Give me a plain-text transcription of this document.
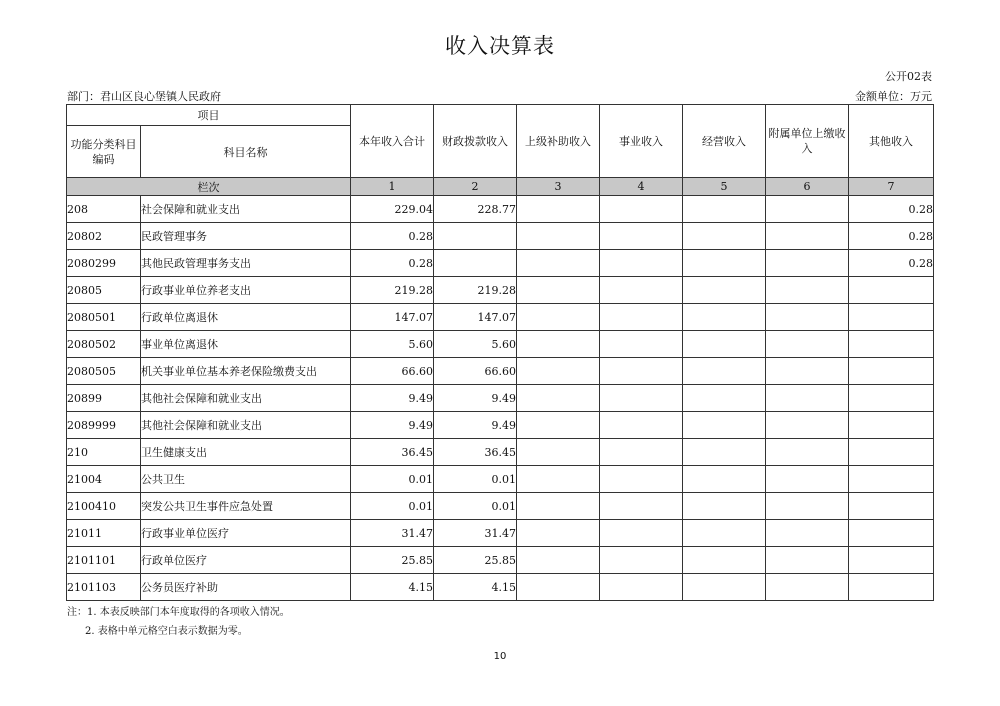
收入决算表
公开02表
部门：君山区良心堡镇人民政府	金额单位：万元
项目		本年收入合计	财政拨款收入	上级补助收入	事业收入	经营收入	附属单位上缴收入	其他收入
功能分类科目编码	科目名称							
栏次		1	2	3	4	5	6	7
208	社会保障和就业支出	229.04	228.77					0.28
20802	民政管理事务	0.28						0.28
2080299	其他民政管理事务支出	0.28						0.28
20805	行政事业单位养老支出	219.28	219.28					
2080501	行政单位离退休	147.07	147.07					
2080502	事业单位离退休	5.60	5.60					
2080505	机关事业单位基本养老保险缴费支出	66.60	66.60					
20899	其他社会保障和就业支出	9.49	9.49					
2089999	其他社会保障和就业支出	9.49	9.49					
210	卫生健康支出	36.45	36.45					
21004	公共卫生	0.01	0.01					
2100410	突发公共卫生事件应急处置	0.01	0.01					
21011	行政事业单位医疗	31.47	31.47					
2101101	行政单位医疗	25.85	25.85					
2101103	公务员医疗补助	4.15	4.15					
注：1. 本表反映部门本年度取得的各项收入情况。
2. 表格中单元格空白表示数据为零。
10
